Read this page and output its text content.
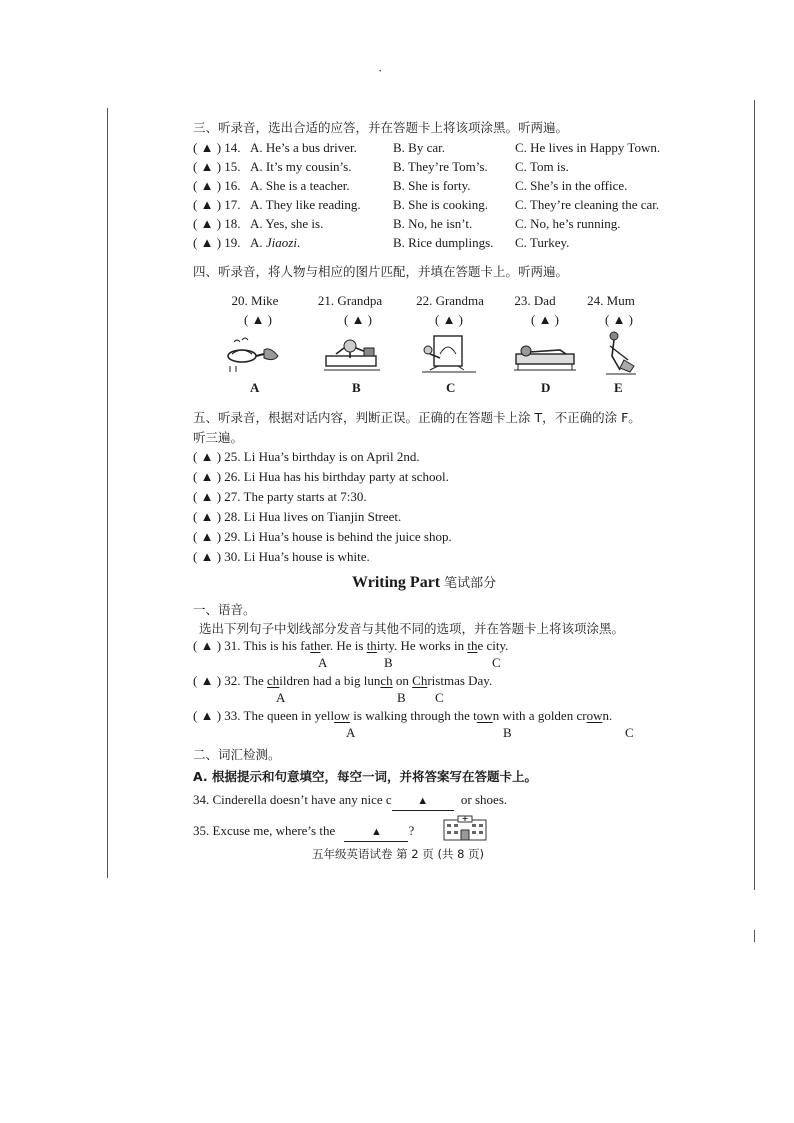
·
三、听录音，选出合适的应答，并在答题卡上将该项涂黑。听两遍。
( ▲ ) 14. A. He’s a bus driver.	B. By car.	C. He lives in Happy Town.
( ▲ ) 15. A. It’s my cousin’s.	B. They’re Tom’s. C. Tom is.
( ▲ ) 16. A. She is a teacher.	B. She is forty.	C. She’s in the office.
( ▲ ) 17. A. They like reading. B. She is cooking. C. They’re cleaning the car.
( ▲ ) 18. A. Yes, she is.	B. No, he isn’t.	C. No, he’s running.
( ▲ ) 19. A. Jiaozi.	B. Rice dumplings. C. Turkey.
四、听录音，将人物与相应的图片匹配，并填在答题卡上。听两遍。
20. Mike	21. Grandpa	22. Grandma	23. Dad	24. Mum
( ▲ )	( ▲ )	( ▲ )	( ▲ )	( ▲ )
A	B	C	D	E
五、听录音，根据对话内容，判断正误。正确的在答题卡上涂 T，不正确的涂 F。
听三遍。
( ▲ ) 25. Li Hua’s birthday is on April 2nd.
( ▲ ) 26. Li Hua has his birthday party at school.
( ▲ ) 27. The party starts at 7:30.
( ▲ ) 28. Li Hua lives on Tianjin Street.
( ▲ ) 29. Li Hua’s house is behind the juice shop.
( ▲ ) 30. Li Hua’s house is white.
Writing Part 笔试部分
一、语音。
选出下列句子中划线部分发音与其他不同的选项，并在答题卡上将该项涂黑。
( ▲ ) 31. This is his father. He is thirty. He works in the city.
A	B	C
( ▲ ) 32. The children had a big lunch on Christmas Day.
A	B C
( ▲ ) 33. The queen in yellow is walking through the town with a golden crown.
A	B	C
二、词汇检测。
A. 根据提示和句意填空，每空一词，并将答案写在答题卡上。
34. Cinderella doesn’t have any nice c ▲	or shoes.
35. Excuse me, where’s the	▲ ?
五年级英语试卷 第 2 页 (共 8 页)
